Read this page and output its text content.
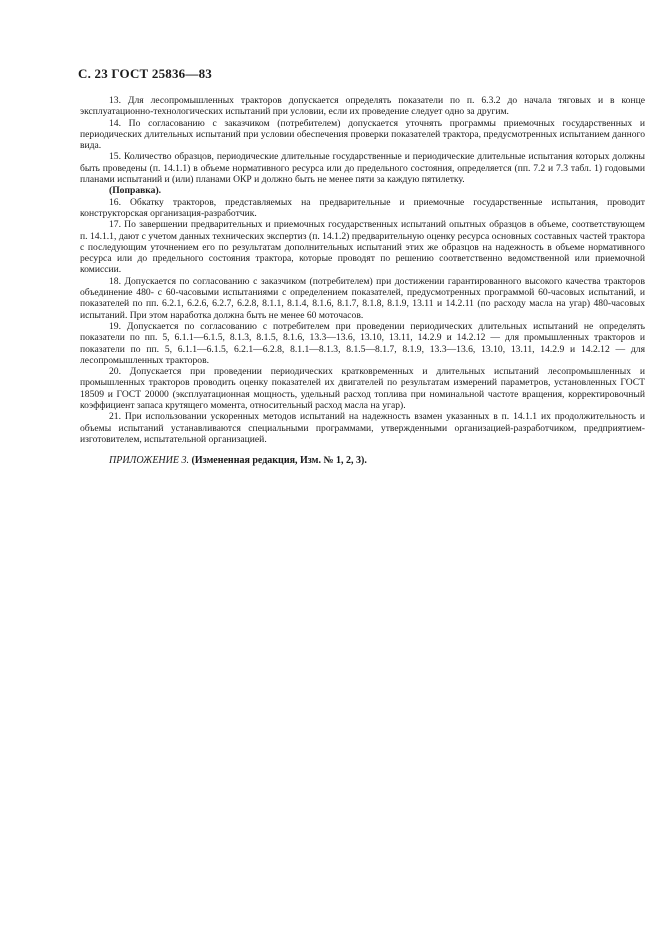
С. 23 ГОСТ 25836—83

13. Для лесопромышленных тракторов допускается определять показатели по п. 6.3.2 до начала тяговых и в конце эксплуатационно-технологических испытаний при условии, если их проведение следует одно за другим.

14. По согласованию с заказчиком (потребителем) допускается уточнять программы приемочных государственных и периодических длительных испытаний при условии обеспечения проверки показателей трактора, предусмотренных испытанием данного вида.

15. Количество образцов, периодические длительные государственные и периодические длительные испытания которых должны быть проведены (п. 14.1.1) в объеме нормативного ресурса или до предельного состояния, определяется (пп. 7.2 и 7.3 табл. 1) годовыми планами испытаний и (или) планами ОКР и должно быть не менее пяти за каждую пятилетку.

(Поправка).

16. Обкатку тракторов, представляемых на предварительные и приемочные государственные испытания, проводит конструкторская организация-разработчик.

17. По завершении предварительных и приемочных государственных испытаний опытных образцов в объеме, соответствующем п. 14.1.1, дают с учетом данных технических экспертиз (п. 14.1.2) предварительную оценку ресурса основных составных частей трактора с последующим уточнением его по результатам дополнительных испытаний этих же образцов на надежность в объеме нормативного ресурса или до предельного состояния трактора, которые проводят по решению соответственно ведомственной или приемочной комиссии.

18. Допускается по согласованию с заказчиком (потребителем) при достижении гарантированного высокого качества тракторов объединение 480- с 60-часовыми испытаниями с определением показателей, предусмотренных программой 60-часовых испытаний, и показателей по пп. 6.2.1, 6.2.6, 6.2.7, 6.2.8, 8.1.1, 8.1.4, 8.1.6, 8.1.7, 8.1.8, 8.1.9, 13.11 и 14.2.11 (по расходу масла на угар) 480-часовых испытаний. При этом наработка должна быть не менее 60 моточасов.

19. Допускается по согласованию с потребителем при проведении периодических длительных испытаний не определять показатели по пп. 5, 6.1.1—6.1.5, 8.1.3, 8.1.5, 8.1.6, 13.3—13.6, 13.10, 13.11, 14.2.9 и 14.2.12 — для промышленных тракторов и показатели по пп. 5, 6.1.1—6.1.5, 6.2.1—6.2.8, 8.1.1—8.1.3, 8.1.5—8.1.7, 8.1.9, 13.3—13.6, 13.10, 13.11, 14.2.9 и 14.2.12 — для лесопромышленных тракторов.

20. Допускается при проведении периодических кратковременных и длительных испытаний лесопромышленных и промышленных тракторов проводить оценку показателей их двигателей по результатам измерений параметров, установленных ГОСТ 18509 и ГОСТ 20000 (эксплуатационная мощность, удельный расход топлива при номинальной частоте вращения, корректировочный коэффициент запаса крутящего момента, относительный расход масла на угар).

21. При использовании ускоренных методов испытаний на надежность взамен указанных в п. 14.1.1 их продолжительность и объемы испытаний устанавливаются специальными программами, утвержденными организацией-разработчиком, предприятием-изготовителем, испытательной организацией.

ПРИЛОЖЕНИЕ 3. (Измененная редакция, Изм. № 1, 2, 3).
